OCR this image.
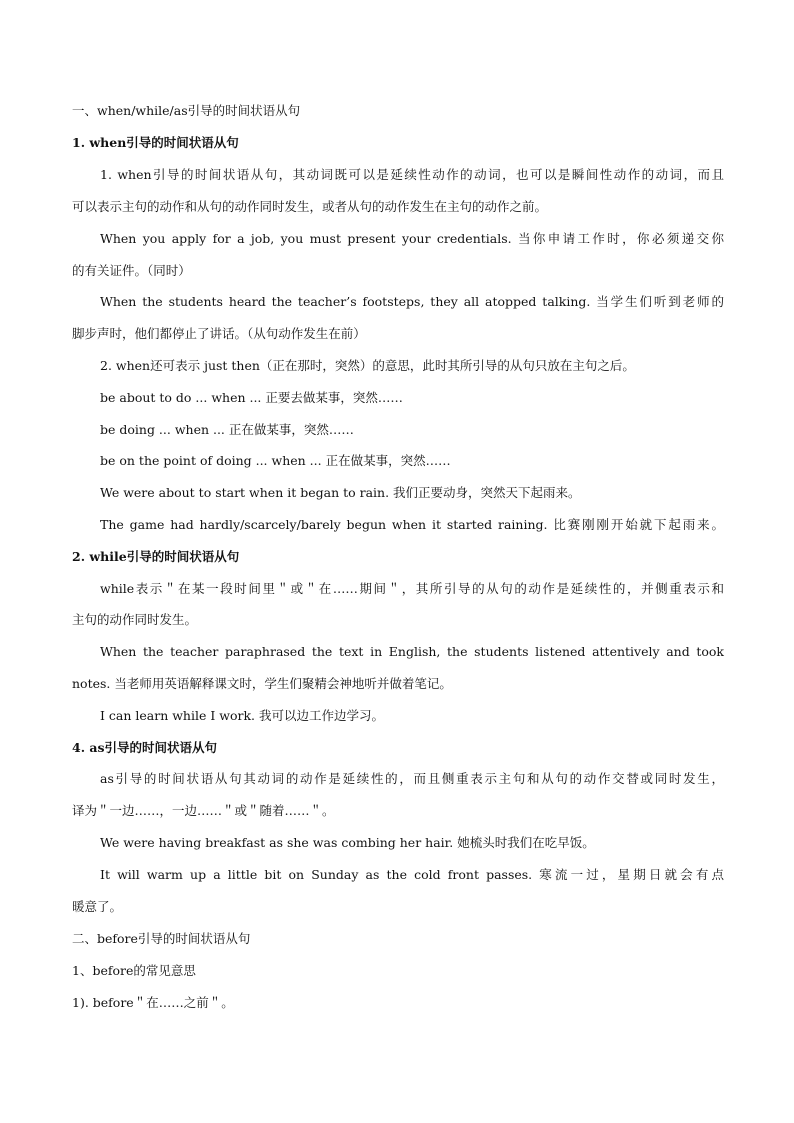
一、when/while/as引导的时间状语从句
1. when引导的时间状语从句
1. when引导的时间状语从句，其动词既可以是延续性动作的动词，也可以是瞬间性动作的动词，而且
可以表示主句的动作和从句的动作同时发生，或者从句的动作发生在主句的动作之前。
When you apply for a job, you must present your credentials. 当你申请工作时，你必须递交你
的有关证件。（同时）
When the students heard the teacher’s footsteps, they all atopped talking. 当学生们听到老师的
脚步声时，他们都停止了讲话。（从句动作发生在前）
2. when还可表示 just then（正在那时，突然）的意思，此时其所引导的从句只放在主句之后。
be about to do ... when ... 正要去做某事，突然……
be doing ... when ... 正在做某事，突然……
be on the point of doing ... when ... 正在做某事，突然……
We were about to start when it began to rain. 我们正要动身，突然天下起雨来。
The game had hardly/scarcely/barely begun when it started raining. 比赛刚刚开始就下起雨来。
2. while引导的时间状语从句
while表示＂在某一段时间里＂或＂在……期间＂，其所引导的从句的动作是延续性的，并侧重表示和
主句的动作同时发生。
When the teacher paraphrased the text in English, the students listened attentively and took
notes. 当老师用英语解释课文时，学生们聚精会神地听并做着笔记。
I can learn while I work. 我可以边工作边学习。
4. as引导的时间状语从句
as引导的时间状语从句其动词的动作是延续性的，而且侧重表示主句和从句的动作交替或同时发生，
译为＂一边……，一边……＂或＂随着……＂。
We were having breakfast as she was combing her hair. 她梳头时我们在吃早饭。
It will warm up a little bit on Sunday as the cold front passes. 寒流一过，星期日就会有点
暖意了。
二、before引导的时间状语从句
1、before的常见意思
1). before＂在……之前＂。
